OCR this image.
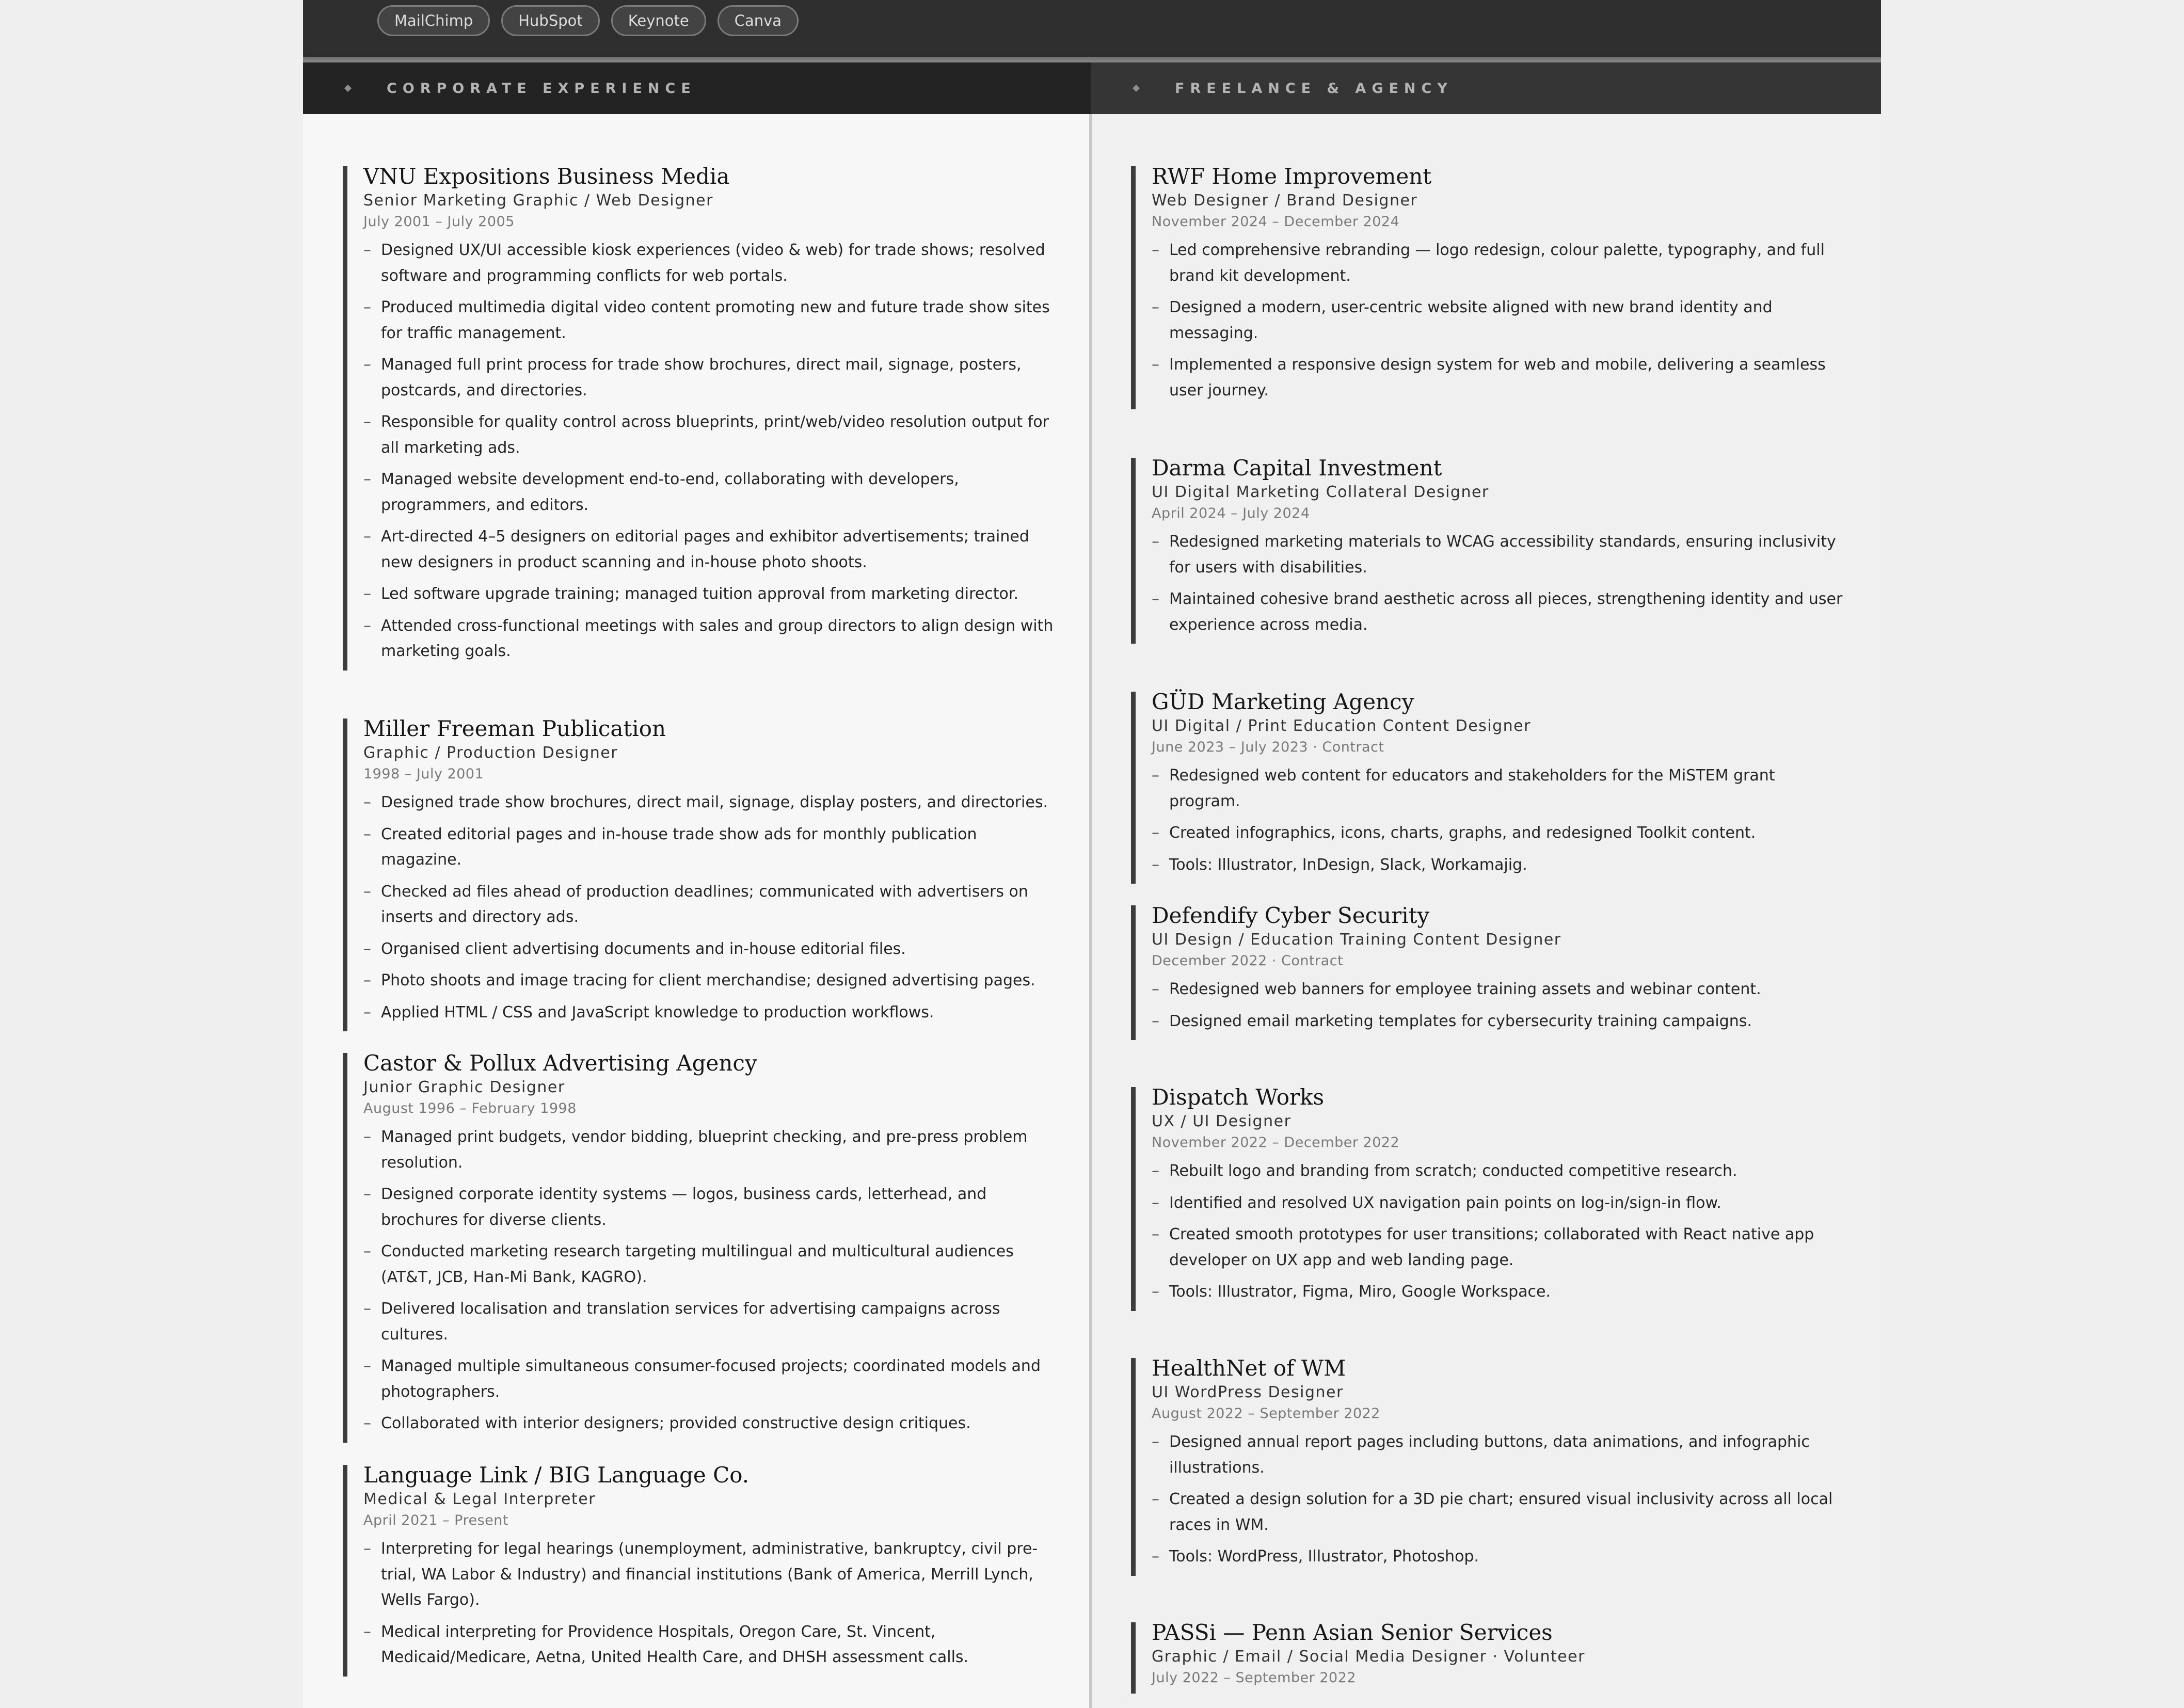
MailChimp	HubSpot	Keynote	Canva
CORPORATE EXPERIENCE	FREELANCE & AGENCY
VNU Expositions Business Media
Senior Marketing Graphic / Web Designer
July 2001 – July 2005
– Designed UX/UI accessible kiosk experiences (video & web) for trade shows; resolved software and programming conflicts for web portals.
– Produced multimedia digital video content promoting new and future trade show sites for traffic management.
– Managed full print process for trade show brochures, direct mail, signage, posters, postcards, and directories.
– Responsible for quality control across blueprints, print/web/video resolution output for all marketing ads.
– Managed website development end-to-end, collaborating with developers, programmers, and editors.
– Art-directed 4–5 designers on editorial pages and exhibitor advertisements; trained new designers in product scanning and in-house photo shoots.
– Led software upgrade training; managed tuition approval from marketing director.
– Attended cross-functional meetings with sales and group directors to align design with marketing goals.
Miller Freeman Publication
Graphic / Production Designer
1998 – July 2001
– Designed trade show brochures, direct mail, signage, display posters, and directories.
– Created editorial pages and in-house trade show ads for monthly publication magazine.
– Checked ad files ahead of production deadlines; communicated with advertisers on inserts and directory ads.
– Organised client advertising documents and in-house editorial files.
– Photo shoots and image tracing for client merchandise; designed advertising pages.
– Applied HTML / CSS and JavaScript knowledge to production workflows.
Castor & Pollux Advertising Agency
Junior Graphic Designer
August 1996 – February 1998
– Managed print budgets, vendor bidding, blueprint checking, and pre-press problem resolution.
– Designed corporate identity systems — logos, business cards, letterhead, and brochures for diverse clients.
– Conducted marketing research targeting multilingual and multicultural audiences (AT&T, JCB, Han-Mi Bank, KAGRO).
– Delivered localisation and translation services for advertising campaigns across cultures.
– Managed multiple simultaneous consumer-focused projects; coordinated models and photographers.
– Collaborated with interior designers; provided constructive design critiques.
Language Link / BIG Language Co.
Medical & Legal Interpreter
April 2021 – Present
– Interpreting for legal hearings (unemployment, administrative, bankruptcy, civil pre-trial, WA Labor & Industry) and financial institutions (Bank of America, Merrill Lynch, Wells Fargo).
– Medical interpreting for Providence Hospitals, Oregon Care, St. Vincent, Medicaid/Medicare, Aetna, United Health Care, and DHSH assessment calls.
RWF Home Improvement
Web Designer / Brand Designer
November 2024 – December 2024
– Led comprehensive rebranding — logo redesign, colour palette, typography, and full brand kit development.
– Designed a modern, user-centric website aligned with new brand identity and messaging.
– Implemented a responsive design system for web and mobile, delivering a seamless user journey.
Darma Capital Investment
UI Digital Marketing Collateral Designer
April 2024 – July 2024
– Redesigned marketing materials to WCAG accessibility standards, ensuring inclusivity for users with disabilities.
– Maintained cohesive brand aesthetic across all pieces, strengthening identity and user experience across media.
GÜD Marketing Agency
UI Digital / Print Education Content Designer
June 2023 – July 2023 · Contract
– Redesigned web content for educators and stakeholders for the MiSTEM grant program.
– Created infographics, icons, charts, graphs, and redesigned Toolkit content.
– Tools: Illustrator, InDesign, Slack, Workamajig.
Defendify Cyber Security
UI Design / Education Training Content Designer
December 2022 · Contract
– Redesigned web banners for employee training assets and webinar content.
– Designed email marketing templates for cybersecurity training campaigns.
Dispatch Works
UX / UI Designer
November 2022 – December 2022
– Rebuilt logo and branding from scratch; conducted competitive research.
– Identified and resolved UX navigation pain points on log-in/sign-in flow.
– Created smooth prototypes for user transitions; collaborated with React native app developer on UX app and web landing page.
– Tools: Illustrator, Figma, Miro, Google Workspace.
HealthNet of WM
UI WordPress Designer
August 2022 – September 2022
– Designed annual report pages including buttons, data animations, and infographic illustrations.
– Created a design solution for a 3D pie chart; ensured visual inclusivity across all local races in WM.
– Tools: WordPress, Illustrator, Photoshop.
PASSi — Penn Asian Senior Services
Graphic / Email / Social Media Designer · Volunteer
July 2022 – September 2022
